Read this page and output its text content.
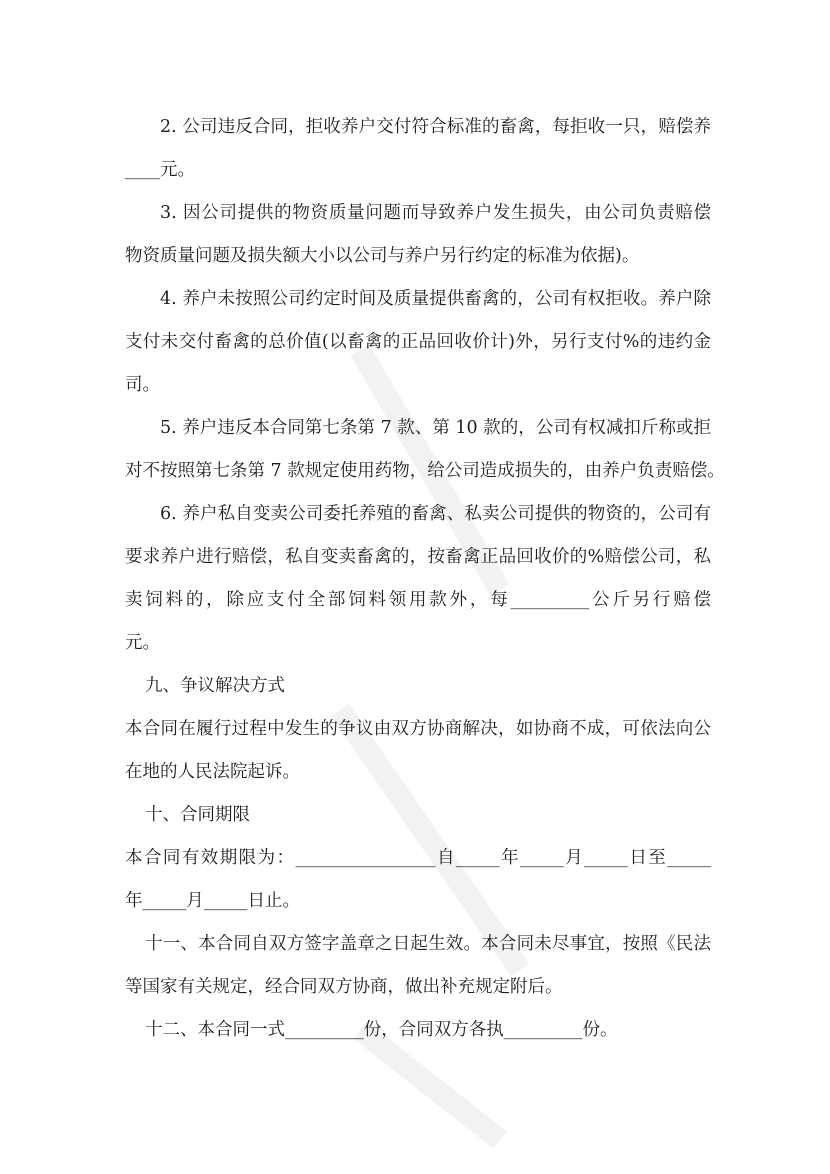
2. 公司违反合同，拒收养户交付符合标准的畜禽，每拒收一只，赔偿养
____元。
3. 因公司提供的物资质量问题而导致养户发生损失，由公司负责赔偿
物资质量问题及损失额大小以公司与养户另行约定的标准为依据)。
4. 养户未按照公司约定时间及质量提供畜禽的，公司有权拒收。养户除
支付未交付畜禽的总价值(以畜禽的正品回收价计)外，另行支付%的违约金
司。
5. 养户违反本合同第七条第 7 款、第 10 款的，公司有权减扣斤称或拒
对不按照第七条第 7 款规定使用药物，给公司造成损失的，由养户负责赔偿。
6. 养户私自变卖公司委托养殖的畜禽、私卖公司提供的物资的，公司有
要求养户进行赔偿，私自变卖畜禽的，按畜禽正品回收价的%赔偿公司，私
卖饲料的，除应支付全部饲料领用款外，每_________公斤另行赔偿
元。
九、争议解决方式
本合同在履行过程中发生的争议由双方协商解决，如协商不成，可依法向公
在地的人民法院起诉。
十、合同期限
本合同有效期限为：________________自_____年_____月_____日至_____
年_____月_____日止。
十一、本合同自双方签字盖章之日起生效。本合同未尽事宜，按照《民法
等国家有关规定，经合同双方协商，做出补充规定附后。
十二、本合同一式_________份，合同双方各执_________份。
